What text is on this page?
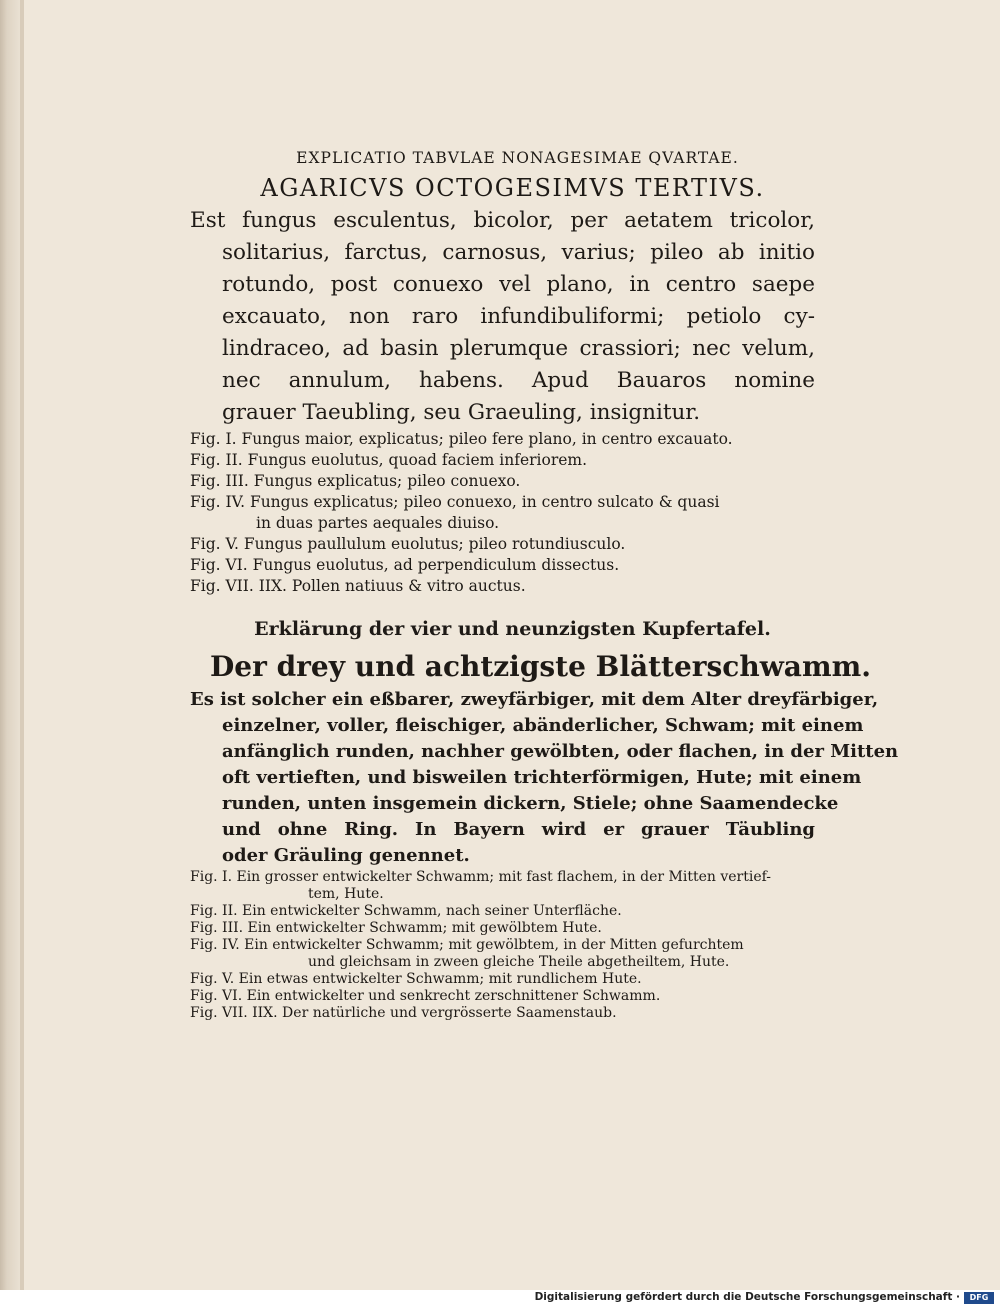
EXPLICATIO TABVLAE NONAGESIMAE QVARTAE.

AGARICVS OCTOGESIMVS TERTIVS.

Est fungus esculentus, bicolor, per aetatem tricolor,

solitarius, farctus, carnosus, varius; pileo ab initio

rotundo, post conuexo vel plano, in centro saepe

excauato, non raro infundibuliformi; petiolo cy-

lindraceo, ad basin plerumque crassiori; nec velum,

nec annulum, habens. Apud Bauaros nomine

grauer Taeubling, seu Graeuling, insignitur.

Fig. I. Fungus maior, explicatus; pileo fere plano, in centro excauato.

Fig. II. Fungus euolutus, quoad faciem inferiorem.

Fig. III. Fungus explicatus; pileo conuexo.

Fig. IV. Fungus explicatus; pileo conuexo, in centro sulcato & quasi

in duas partes aequales diuiso.

Fig. V. Fungus paullulum euolutus; pileo rotundiusculo.

Fig. VI. Fungus euolutus, ad perpendiculum dissectus.

Fig. VII. IIX. Pollen natiuus & vitro auctus.

Erklärung der vier und neunzigsten Kupfertafel.

Der drey und achtzigste Blätterschwamm.

Es ist solcher ein eßbarer, zweyfärbiger, mit dem Alter dreyfärbiger,

einzelner, voller, fleischiger, abänderlicher, Schwam; mit einem

anfänglich runden, nachher gewölbten, oder flachen, in der Mitten

oft vertieften, und bisweilen trichterförmigen, Hute; mit einem

runden, unten insgemein dickern, Stiele; ohne Saamendecke

und ohne Ring. In Bayern wird er grauer Täubling

oder Gräuling genennet.

Fig. I. Ein grosser entwickelter Schwamm; mit fast flachem, in der Mitten vertief-

tem, Hute.

Fig. II. Ein entwickelter Schwamm, nach seiner Unterfläche.

Fig. III. Ein entwickelter Schwamm; mit gewölbtem Hute.

Fig. IV. Ein entwickelter Schwamm; mit gewölbtem, in der Mitten gefurchtem

und gleichsam in zween gleiche Theile abgetheiltem, Hute.

Fig. V. Ein etwas entwickelter Schwamm; mit rundlichem Hute.

Fig. VI. Ein entwickelter und senkrecht zerschnittener Schwamm.

Fig. VII. IIX. Der natürliche und vergrösserte Saamenstaub.

Digitalisierung gefördert durch die Deutsche Forschungsgemeinschaft ·	DFG
